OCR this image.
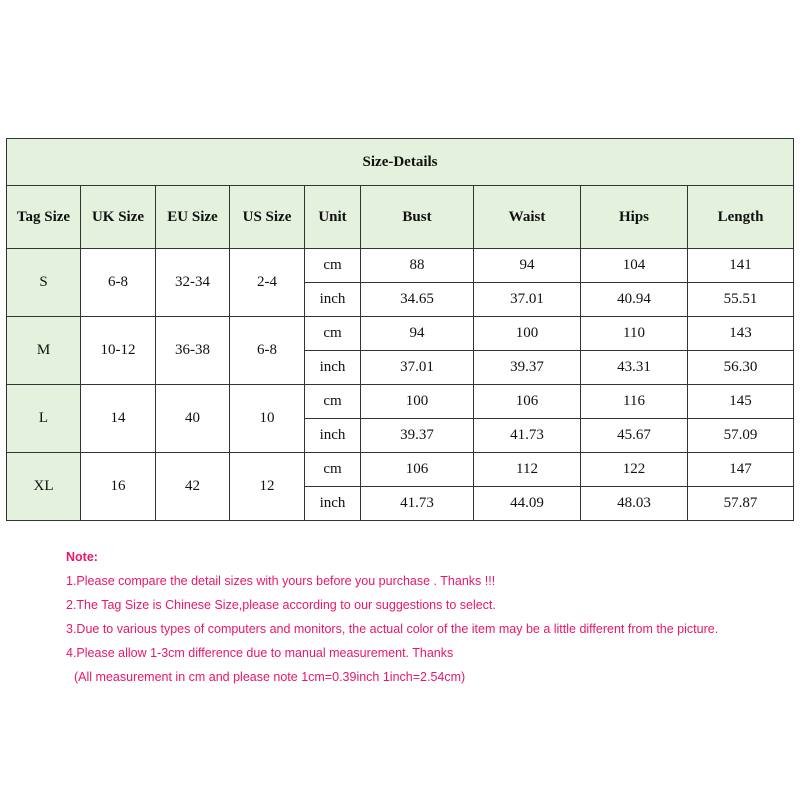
Size-Details								
Tag Size	UK Size	EU Size	US Size	Unit	Bust	Waist	Hips	Length
S	6-8	32-34	2-4	cm	88	94	104	141
				inch	34.65	37.01	40.94	55.51
M	10-12	36-38	6-8	cm	94	100	110	143
				inch	37.01	39.37	43.31	56.30
L	14	40	10	cm	100	106	116	145
				inch	39.37	41.73	45.67	57.09
XL	16	42	12	cm	106	112	122	147
				inch	41.73	44.09	48.03	57.87
Note:
1.Please compare the detail sizes with yours before you purchase . Thanks !!!
2.The Tag Size is Chinese Size,please according to our suggestions to select.
3.Due to various types of computers and monitors, the actual color of the item may be a little different from the picture.
4.Please allow 1-3cm difference due to manual measurement. Thanks
(All measurement in cm and please note 1cm=0.39inch 1inch=2.54cm)
